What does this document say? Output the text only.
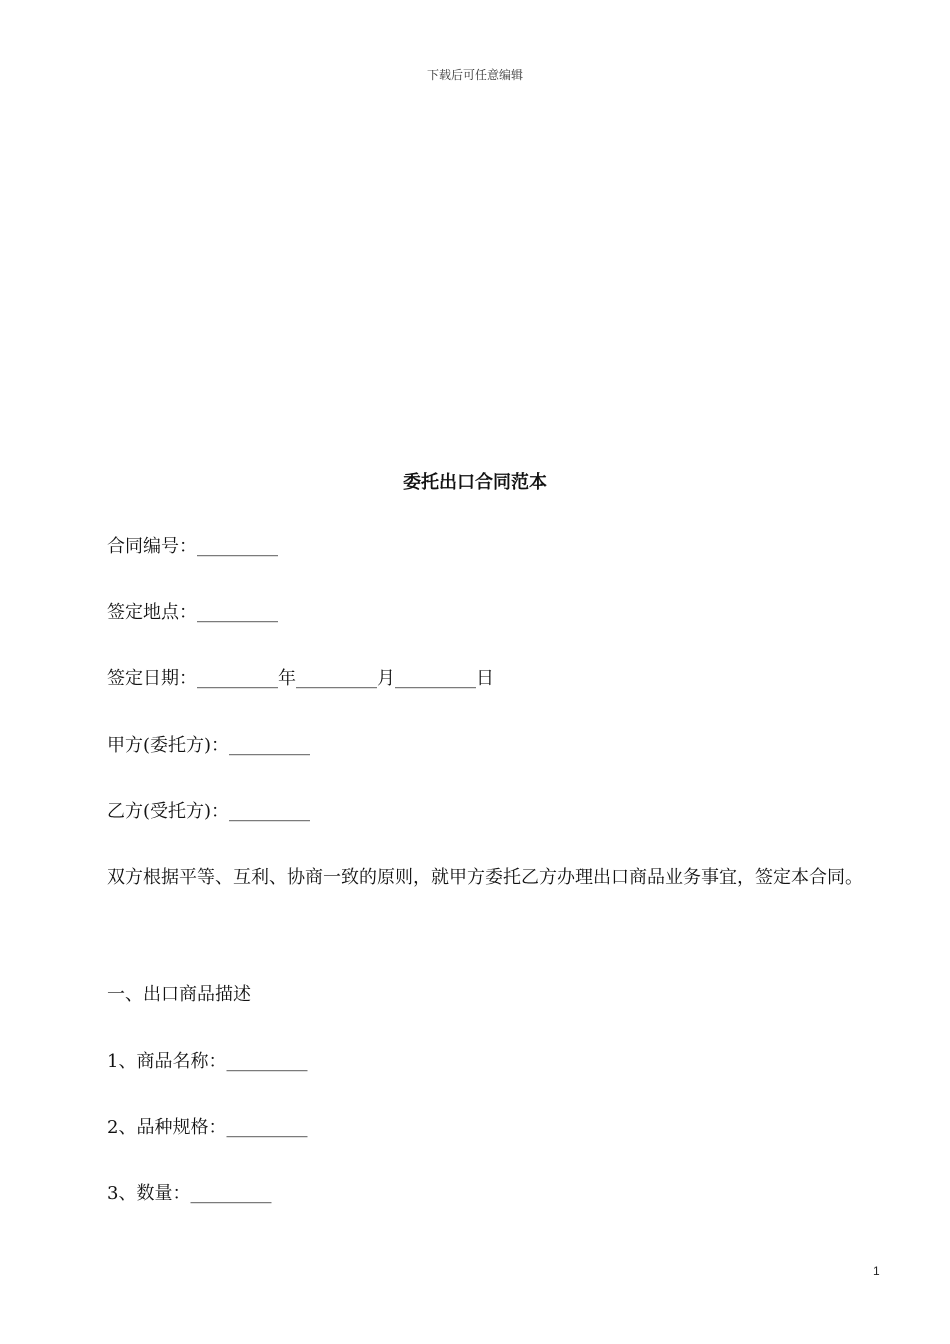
下载后可任意编辑
委托出口合同范本
合同编号：_________
签定地点：_________
签定日期：_________年_________月_________日
甲方(委托方)：_________
乙方(受托方)：_________
双方根据平等、互利、协商一致的原则，就甲方委托乙方办理出口商品业务事宜，签定本合同。
一、出口商品描述
1、商品名称：_________
2、品种规格：_________
3、数量：_________
1
